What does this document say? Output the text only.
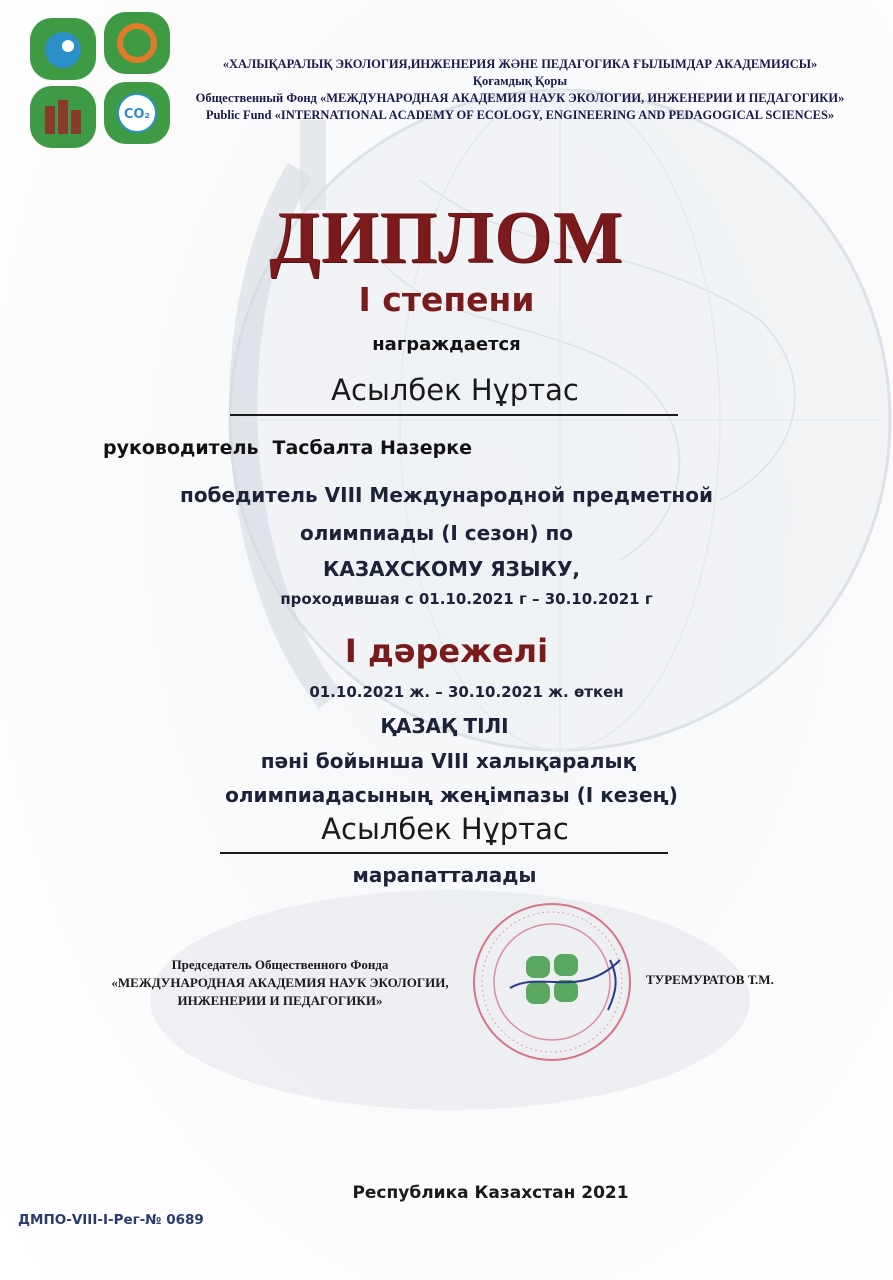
CO₂
«ХАЛЫҚАРАЛЫҚ ЭКОЛОГИЯ,ИНЖЕНЕРИЯ ЖӘНЕ ПЕДАГОГИКА ҒЫЛЫМДАР АКАДЕМИЯСЫ»
Қоғамдық Қоры
Общественный Фонд «МЕЖДУНАРОДНАЯ АКАДЕМИЯ НАУК ЭКОЛОГИИ, ИНЖЕНЕРИИ И ПЕДАГОГИКИ»
Public Fund «INTERNATIONAL ACADEMY OF ECOLOGY, ENGINEERING AND PEDAGOGICAL SCIENCES»
ДИПЛОМ
I степени
награждается
Асылбек Нұртас
руководитель Тасбалта Назерке
победитель VIII Международной предметной
олимпиады (I сезон) по
КАЗАХСКОМУ ЯЗЫКУ,
проходившая с 01.10.2021 г – 30.10.2021 г
I дәрежелі
01.10.2021 ж. – 30.10.2021 ж. өткен
ҚАЗАҚ ТІЛІ
пәні бойынша VIII халықаралық
олимпиадасының жеңімпазы (I кезең)
Асылбек Нұртас
марапатталады
Председатель Общественного Фонда
«МЕЖДУНАРОДНАЯ АКАДЕМИЯ НАУК ЭКОЛОГИИ,
ИНЖЕНЕРИИ И ПЕДАГОГИКИ»
ТУРЕМУРАТОВ Т.М.
Республика Казахстан 2021
ДМПО-VIII-I-Рег-№ 0689
